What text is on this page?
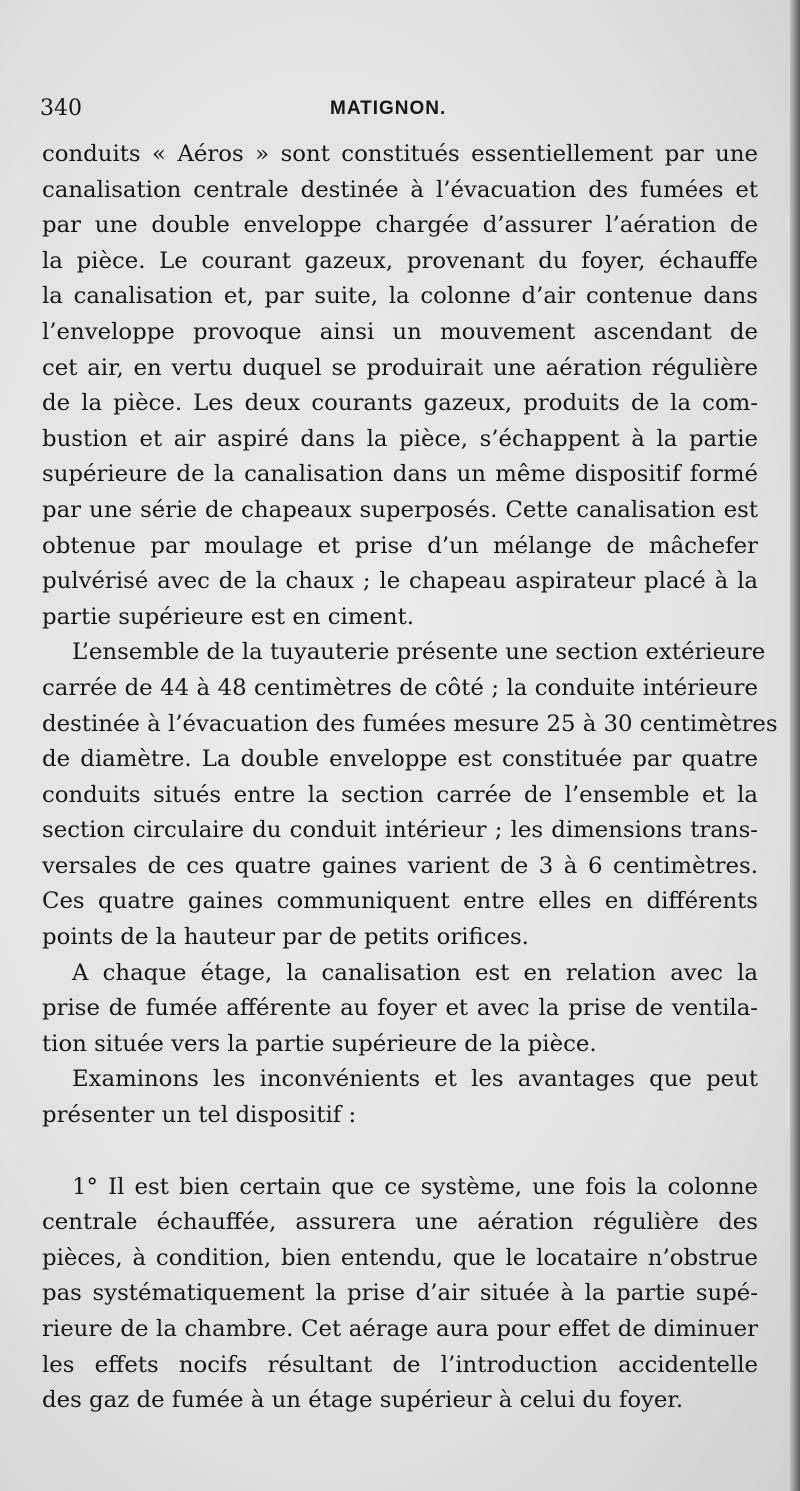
340	MATIGNON.
conduits « Aéros » sont constitués essentiellement par une
canalisation centrale destinée à l’évacuation des fumées et
par une double enveloppe chargée d’assurer l’aération de
la pièce. Le courant gazeux, provenant du foyer, échauffe
la canalisation et, par suite, la colonne d’air contenue dans
l’enveloppe provoque ainsi un mouvement ascendant de
cet air, en vertu duquel se produirait une aération régulière
de la pièce. Les deux courants gazeux, produits de la com-
bustion et air aspiré dans la pièce, s’échappent à la partie
supérieure de la canalisation dans un même dispositif formé
par une série de chapeaux superposés. Cette canalisation est
obtenue par moulage et prise d’un mélange de mâchefer
pulvérisé avec de la chaux ; le chapeau aspirateur placé à la
partie supérieure est en ciment.
L’ensemble de la tuyauterie présente une section extérieure
carrée de 44 à 48 centimètres de côté ; la conduite intérieure
destinée à l’évacuation des fumées mesure 25 à 30 centimètres
de diamètre. La double enveloppe est constituée par quatre
conduits situés entre la section carrée de l’ensemble et la
section circulaire du conduit intérieur ; les dimensions trans-
versales de ces quatre gaines varient de 3 à 6 centimètres.
Ces quatre gaines communiquent entre elles en différents
points de la hauteur par de petits orifices.
A chaque étage, la canalisation est en relation avec la
prise de fumée afférente au foyer et avec la prise de ventila-
tion située vers la partie supérieure de la pièce.
Examinons les inconvénients et les avantages que peut
présenter un tel dispositif :
1° Il est bien certain que ce système, une fois la colonne
centrale échauffée, assurera une aération régulière des
pièces, à condition, bien entendu, que le locataire n’obstrue
pas systématiquement la prise d’air située à la partie supé-
rieure de la chambre. Cet aérage aura pour effet de diminuer
les effets nocifs résultant de l’introduction accidentelle
des gaz de fumée à un étage supérieur à celui du foyer.
